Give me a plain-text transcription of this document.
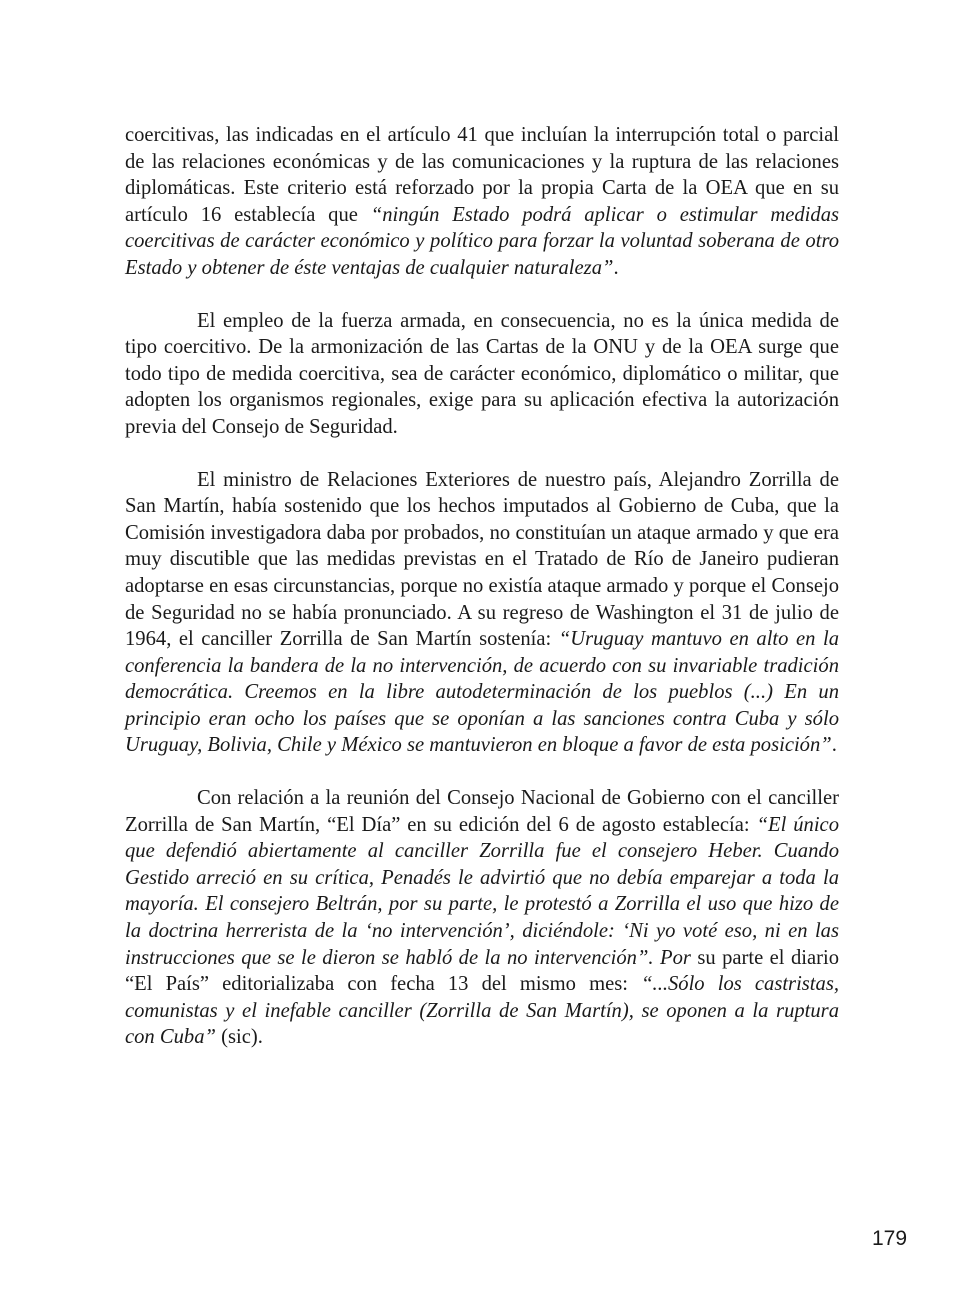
coercitivas, las indicadas en el artículo 41 que incluían la interrupción total o parcial de las relaciones económicas y de las comunicaciones y la ruptura de las relaciones diplomáticas. Este criterio está reforzado por la propia Carta de la OEA que en su artículo 16 establecía que “ningún Estado podrá aplicar o estimular medidas coercitivas de carácter económico y político para forzar la voluntad soberana de otro Estado y obtener de éste ventajas de cualquier naturaleza”.

El empleo de la fuerza armada, en consecuencia, no es la única medida de tipo coercitivo. De la armonización de las Cartas de la ONU y de la OEA surge que todo tipo de medida coercitiva, sea de carácter económico, diplomático o militar, que adopten los organismos regionales, exige para su aplicación efectiva la autorización previa del Consejo de Seguridad.

El ministro de Relaciones Exteriores de nuestro país, Alejandro Zorrilla de San Martín, había sostenido que los hechos imputados al Gobierno de Cuba, que la Comisión investigadora daba por probados, no constituían un ataque armado y que era muy discutible que las medidas previstas en el Tratado de Río de Janeiro pudieran adoptarse en esas circunstancias, porque no existía ataque armado y porque el Consejo de Seguridad no se había pronunciado. A su regreso de Washington el 31 de julio de 1964, el canciller Zorrilla de San Martín sostenía: “Uruguay mantuvo en alto en la conferencia la bandera de la no intervención, de acuerdo con su invariable tradición democrática. Creemos en la libre autodeterminación de los pueblos (...) En un principio eran ocho los países que se oponían a las sanciones contra Cuba y sólo Uruguay, Bolivia, Chile y México se mantuvieron en bloque a favor de esta posición”.

Con relación a la reunión del Consejo Nacional de Gobierno con el canciller Zorrilla de San Martín, “El Día” en su edición del 6 de agosto establecía: “El único que defendió abiertamente al canciller Zorrilla fue el consejero Heber. Cuando Gestido arreció en su crítica, Penadés le advirtió que no debía emparejar a toda la mayoría. El consejero Beltrán, por su parte, le protestó a Zorrilla el uso que hizo de la doctrina herrerista de la ‘no intervención’, diciéndole: ‘Ni yo voté eso, ni en las instrucciones que se le dieron se habló de la no intervención”. Por su parte el diario “El País” editorializaba con fecha 13 del mismo mes: “...Sólo los castristas, comunistas y el inefable canciller (Zorrilla de San Martín), se oponen a la ruptura con Cuba” (sic).

179
